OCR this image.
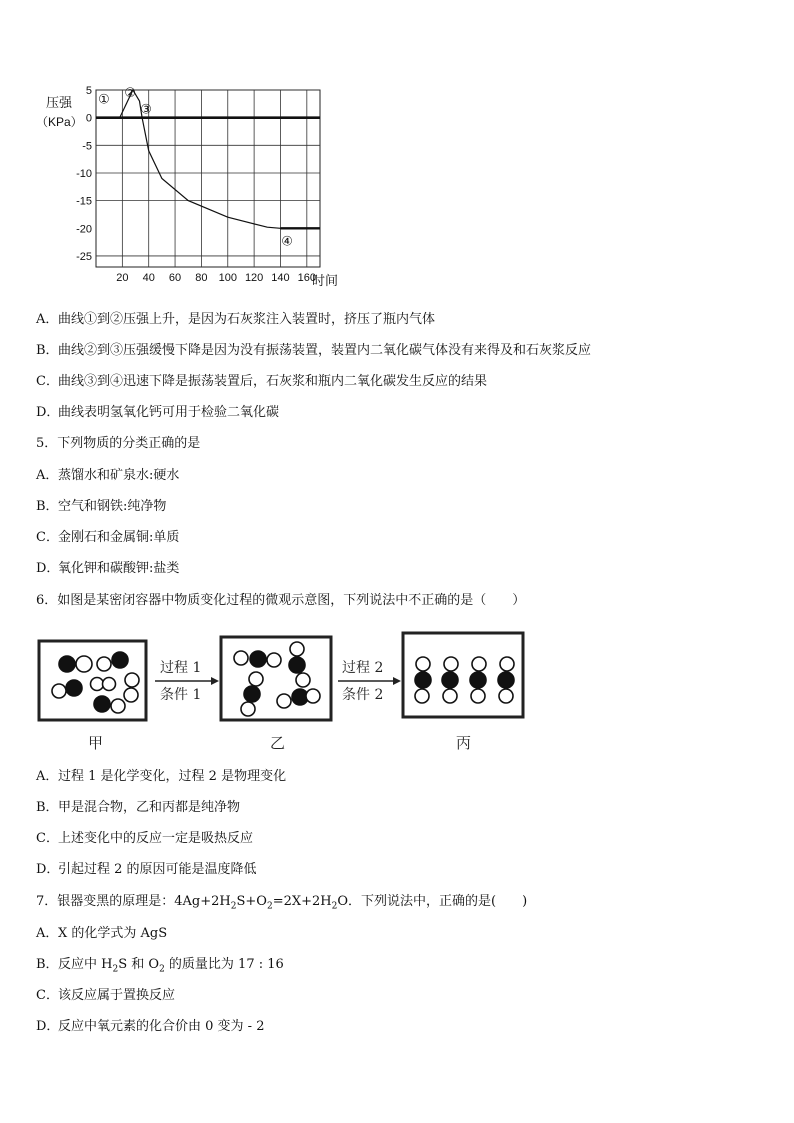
压强
（KPa）
时间
5
0
-5
-10
-15
-20
-25
20 40 60 80 100 120 140 160
① ②
③
④
A．曲线①到②压强上升，是因为石灰浆注入装置时，挤压了瓶内气体
B．曲线②到③压强缓慢下降是因为没有振荡装置，装置内二氧化碳气体没有来得及和石灰浆反应
C．曲线③到④迅速下降是振荡装置后，石灰浆和瓶内二氧化碳发生反应的结果
D．曲线表明氢氧化钙可用于检验二氧化碳
5．下列物质的分类正确的是
A．蒸馏水和矿泉水:硬水
B．空气和钢铁:纯净物
C．金刚石和金属铜:单质
D．氧化钾和碳酸钾:盐类
6．如图是某密闭容器中物质变化过程的微观示意图，下列说法中不正确的是（　　）
过程 1
条件 1
过程 2
条件 2
甲	乙	丙
A．过程 1 是化学变化，过程 2 是物理变化
B．甲是混合物，乙和丙都是纯净物
C．上述变化中的反应一定是吸热反应
D．引起过程 2 的原因可能是温度降低
7．银器变黑的原理是：$4Ag+2H_2S+O_2=2X+2H_2O$．下列说法中，正确的是(　　)
A．X 的化学式为 AgS
B．反应中 $H_2S$ 和 $O_2$ 的质量比为 17 : 16
C．该反应属于置换反应
D．反应中氧元素的化合价由 0 变为 - 2
